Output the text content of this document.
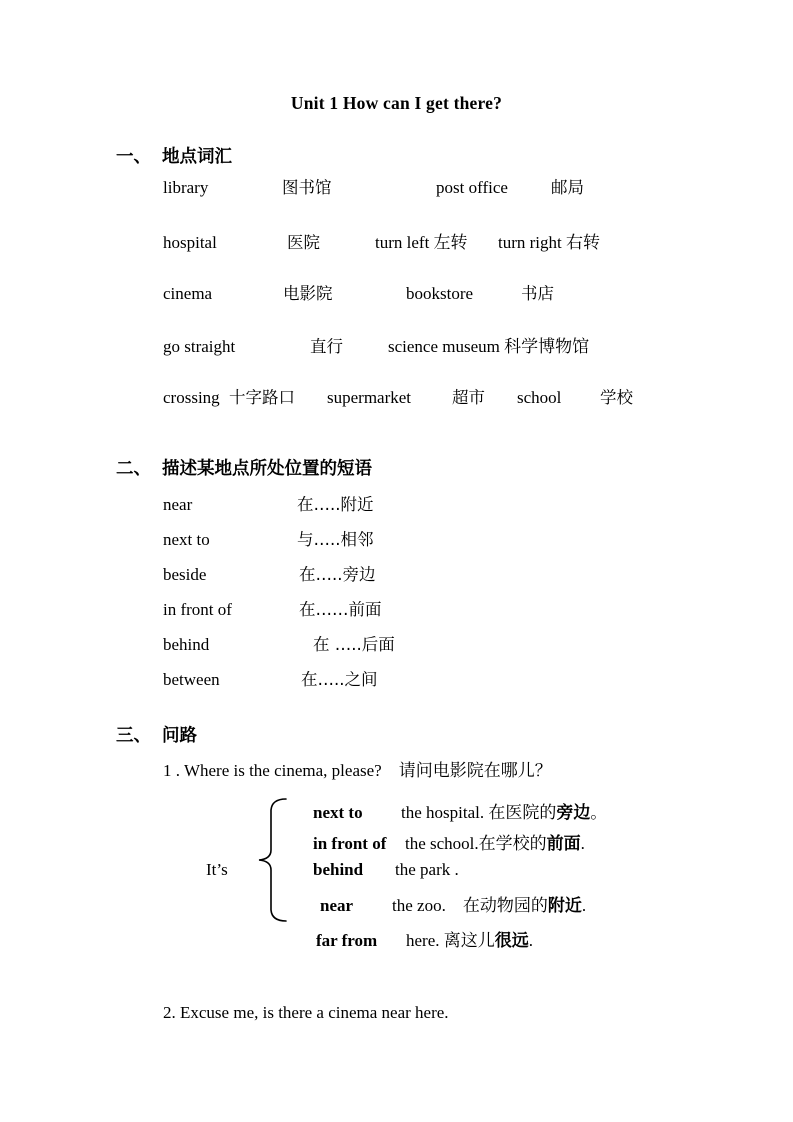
Unit 1 How can I get there?
一、 地点词汇
library	图书馆	post office	邮局
hospital	医院	turn left 左转 turn right 右转
cinema	电影院	bookstore	书店
go straight	直行	science museum 科学博物馆
crossing 十字路口 supermarket 超市 school 学校
二、 描述某地点所处位置的短语
near	在…..附近
next to	与…..相邻
beside	在…..旁边
in front of	在……前面
behind	在 …..后面
between	在…..之间
三、 问路
1 . Where is the cinema, please?　请问电影院在哪儿？
It’s
next to the hospital. 在医院的旁边。
in front of the school.在学校的前面.
behind the park .
near the zoo.　在动物园的附近.
far from here. 离这儿很远.
2. Excuse me, is there a cinema near here.
